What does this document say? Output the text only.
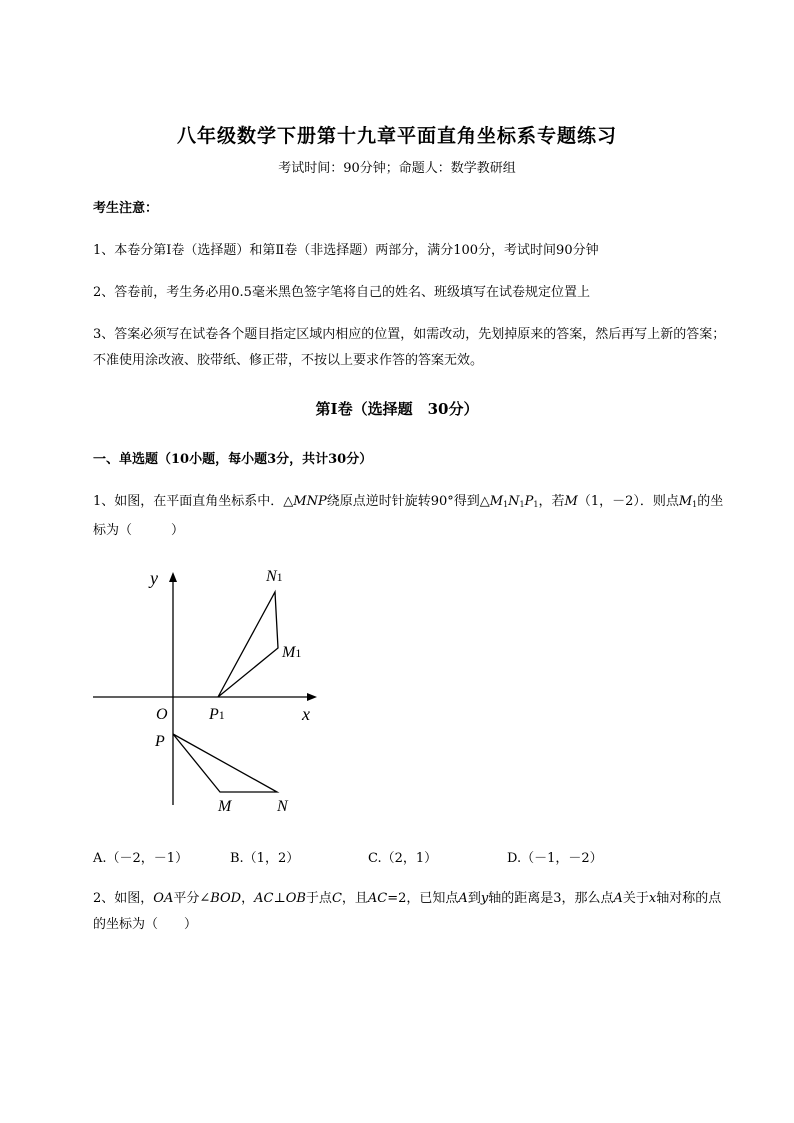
八年级数学下册第十九章平面直角坐标系专题练习
考试时间：90分钟；命题人：数学教研组
考生注意：
1、本卷分第I卷（选择题）和第Ⅱ卷（非选择题）两部分，满分100分，考试时间90分钟
2、答卷前，考生务必用0.5毫米黑色签字笔将自己的姓名、班级填写在试卷规定位置上
3、答案必须写在试卷各个题目指定区域内相应的位置，如需改动，先划掉原来的答案，然后再写上新的答案；不准使用涂改液、胶带纸、修正带，不按以上要求作答的答案无效。
第I卷（选择题　30分）
一、单选题（10小题，每小题3分，共计30分）
1、如图，在平面直角坐标系中．△MNP绕原点逆时针旋转90°得到$\triangle M_1N_1P_1$，若M（1，－2）．则点$M_1$的坐标为（　　　）
y
x
O
N1
M1
P1
P
M	N
A.（－2，－1）	B.（1，2）	C.（2，1）	D.（－1，－2）
2、如图，OA平分∠BOD，AC⊥OB于点C，且AC=2，已知点A到y轴的距离是3，那么点A关于x轴对称的点的坐标为（　　）
